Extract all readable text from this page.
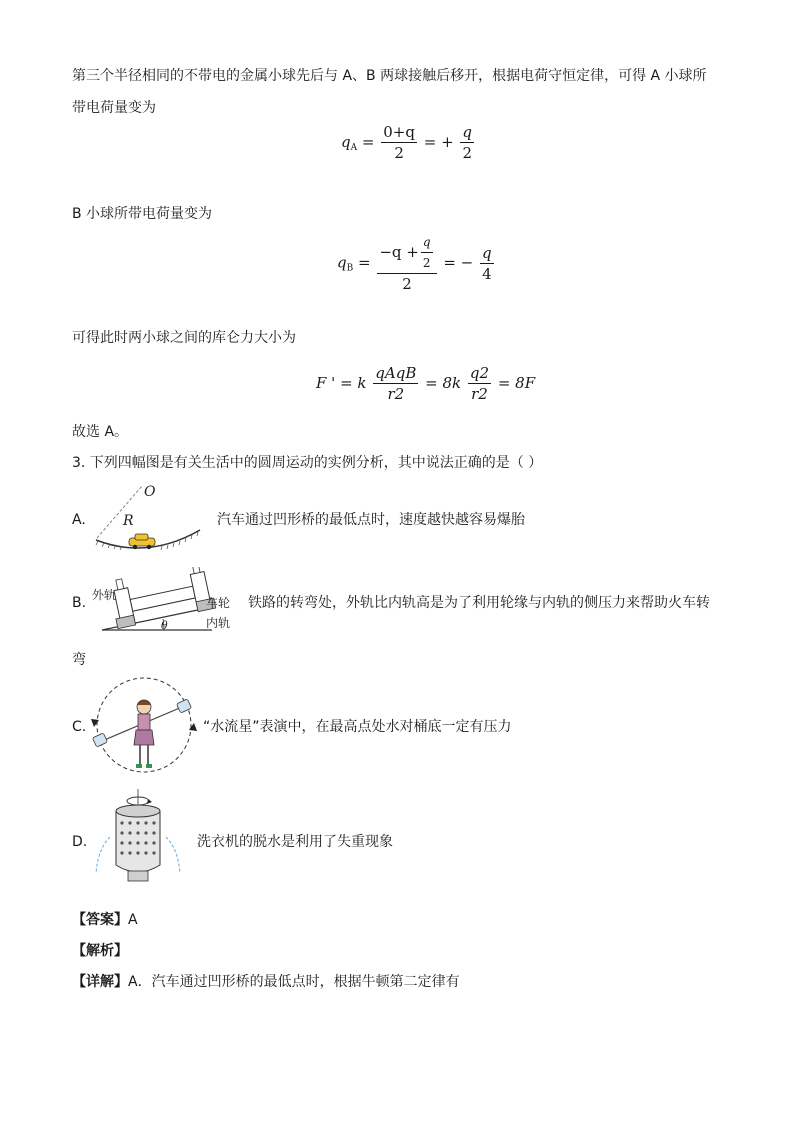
第三个半径相同的不带电的金属小球先后与 A、B 两球接触后移开，根据电荷守恒定律，可得 A 小球所
带电荷量变为
$q_A = \frac{0+q}{2}$ = + $\frac{q}{2}$
B 小球所带电荷量变为
$q_B = \frac{-q + \frac{q}{2}}{2}$ = − $\frac{q}{4}$
可得此时两小球之间的库仑力大小为
F ' = k $\frac{\text{qAqB}}{r2} = 8k \frac{q2}{r2} = 8F$
故选 A。
3. 下列四幅图是有关生活中的圆周运动的实例分析，其中说法正确的是（ ）
A.
O
R	汽车通过凹形桥的最低点时，速度越快越容易爆胎
B.
θ
外轨
车轮
内轨
铁路的转弯处，外轨比内轨高是为了利用轮缘与内轨的侧压力来帮助火车转
弯
C.	“水流星”表演中，在最高点处水对桶底一定有压力
D.	洗衣机的脱水是利用了失重现象
【答案】A
【解析】
【详解】A．汽车通过凹形桥的最低点时，根据牛顿第二定律有
